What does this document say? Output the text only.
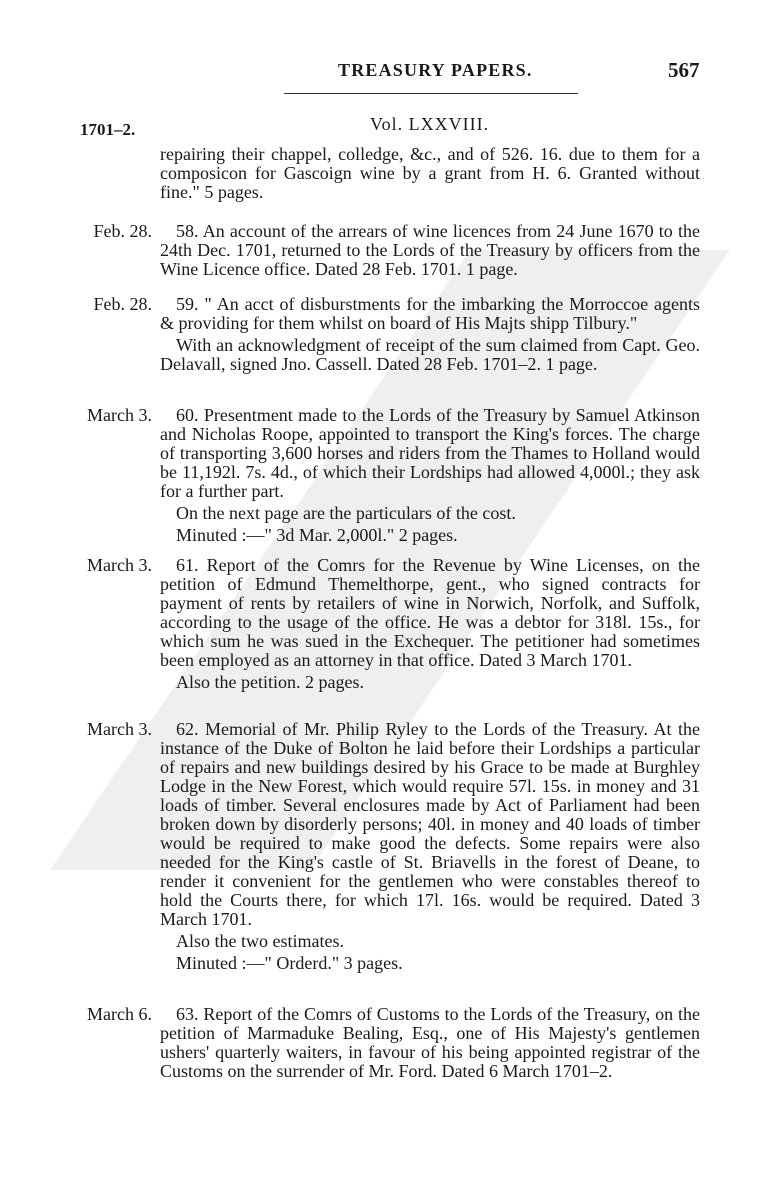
TREASURY PAPERS.	567
1701–2.	Vol. LXXVIII.

repairing their chappel, colledge, &c., and of 526. 16. due to them for a composicon for Gascoign wine by a grant from H. 6. Granted without fine." 5 pages.

Feb. 28.	58. An account of the arrears of wine licences from 24 June 1670 to the 24th Dec. 1701, returned to the Lords of the Treasury by officers from the Wine Licence office. Dated 28 Feb. 1701. 1 page.

Feb. 28.	59. " An acct of disburstments for the imbarking the Morroccoe agents & providing for them whilst on board of His Majts shipp Tilbury."

With an acknowledgment of receipt of the sum claimed from Capt. Geo. Delavall, signed Jno. Cassell. Dated 28 Feb. 1701–2. 1 page.

March 3.	60. Presentment made to the Lords of the Treasury by Samuel Atkinson and Nicholas Roope, appointed to transport the King's forces. The charge of transporting 3,600 horses and riders from the Thames to Holland would be 11,192l. 7s. 4d., of which their Lordships had allowed 4,000l.; they ask for a further part.

On the next page are the particulars of the cost.

Minuted :—" 3d Mar. 2,000l." 2 pages.

March 3.	61. Report of the Comrs for the Revenue by Wine Licenses, on the petition of Edmund Themelthorpe, gent., who signed contracts for payment of rents by retailers of wine in Norwich, Norfolk, and Suffolk, according to the usage of the office. He was a debtor for 318l. 15s., for which sum he was sued in the Exchequer. The petitioner had sometimes been employed as an attorney in that office. Dated 3 March 1701.

Also the petition. 2 pages.

March 3.	62. Memorial of Mr. Philip Ryley to the Lords of the Treasury. At the instance of the Duke of Bolton he laid before their Lordships a particular of repairs and new buildings desired by his Grace to be made at Burghley Lodge in the New Forest, which would require 57l. 15s. in money and 31 loads of timber. Several enclosures made by Act of Parliament had been broken down by disorderly persons; 40l. in money and 40 loads of timber would be required to make good the defects. Some repairs were also needed for the King's castle of St. Briavells in the forest of Deane, to render it convenient for the gentlemen who were constables thereof to hold the Courts there, for which 17l. 16s. would be required. Dated 3 March 1701.

Also the two estimates.

Minuted :—" Orderd." 3 pages.

March 6.	63. Report of the Comrs of Customs to the Lords of the Treasury, on the petition of Marmaduke Bealing, Esq., one of His Majesty's gentlemen ushers' quarterly waiters, in favour of his being appointed registrar of the Customs on the surrender of Mr. Ford. Dated 6 March 1701–2.
